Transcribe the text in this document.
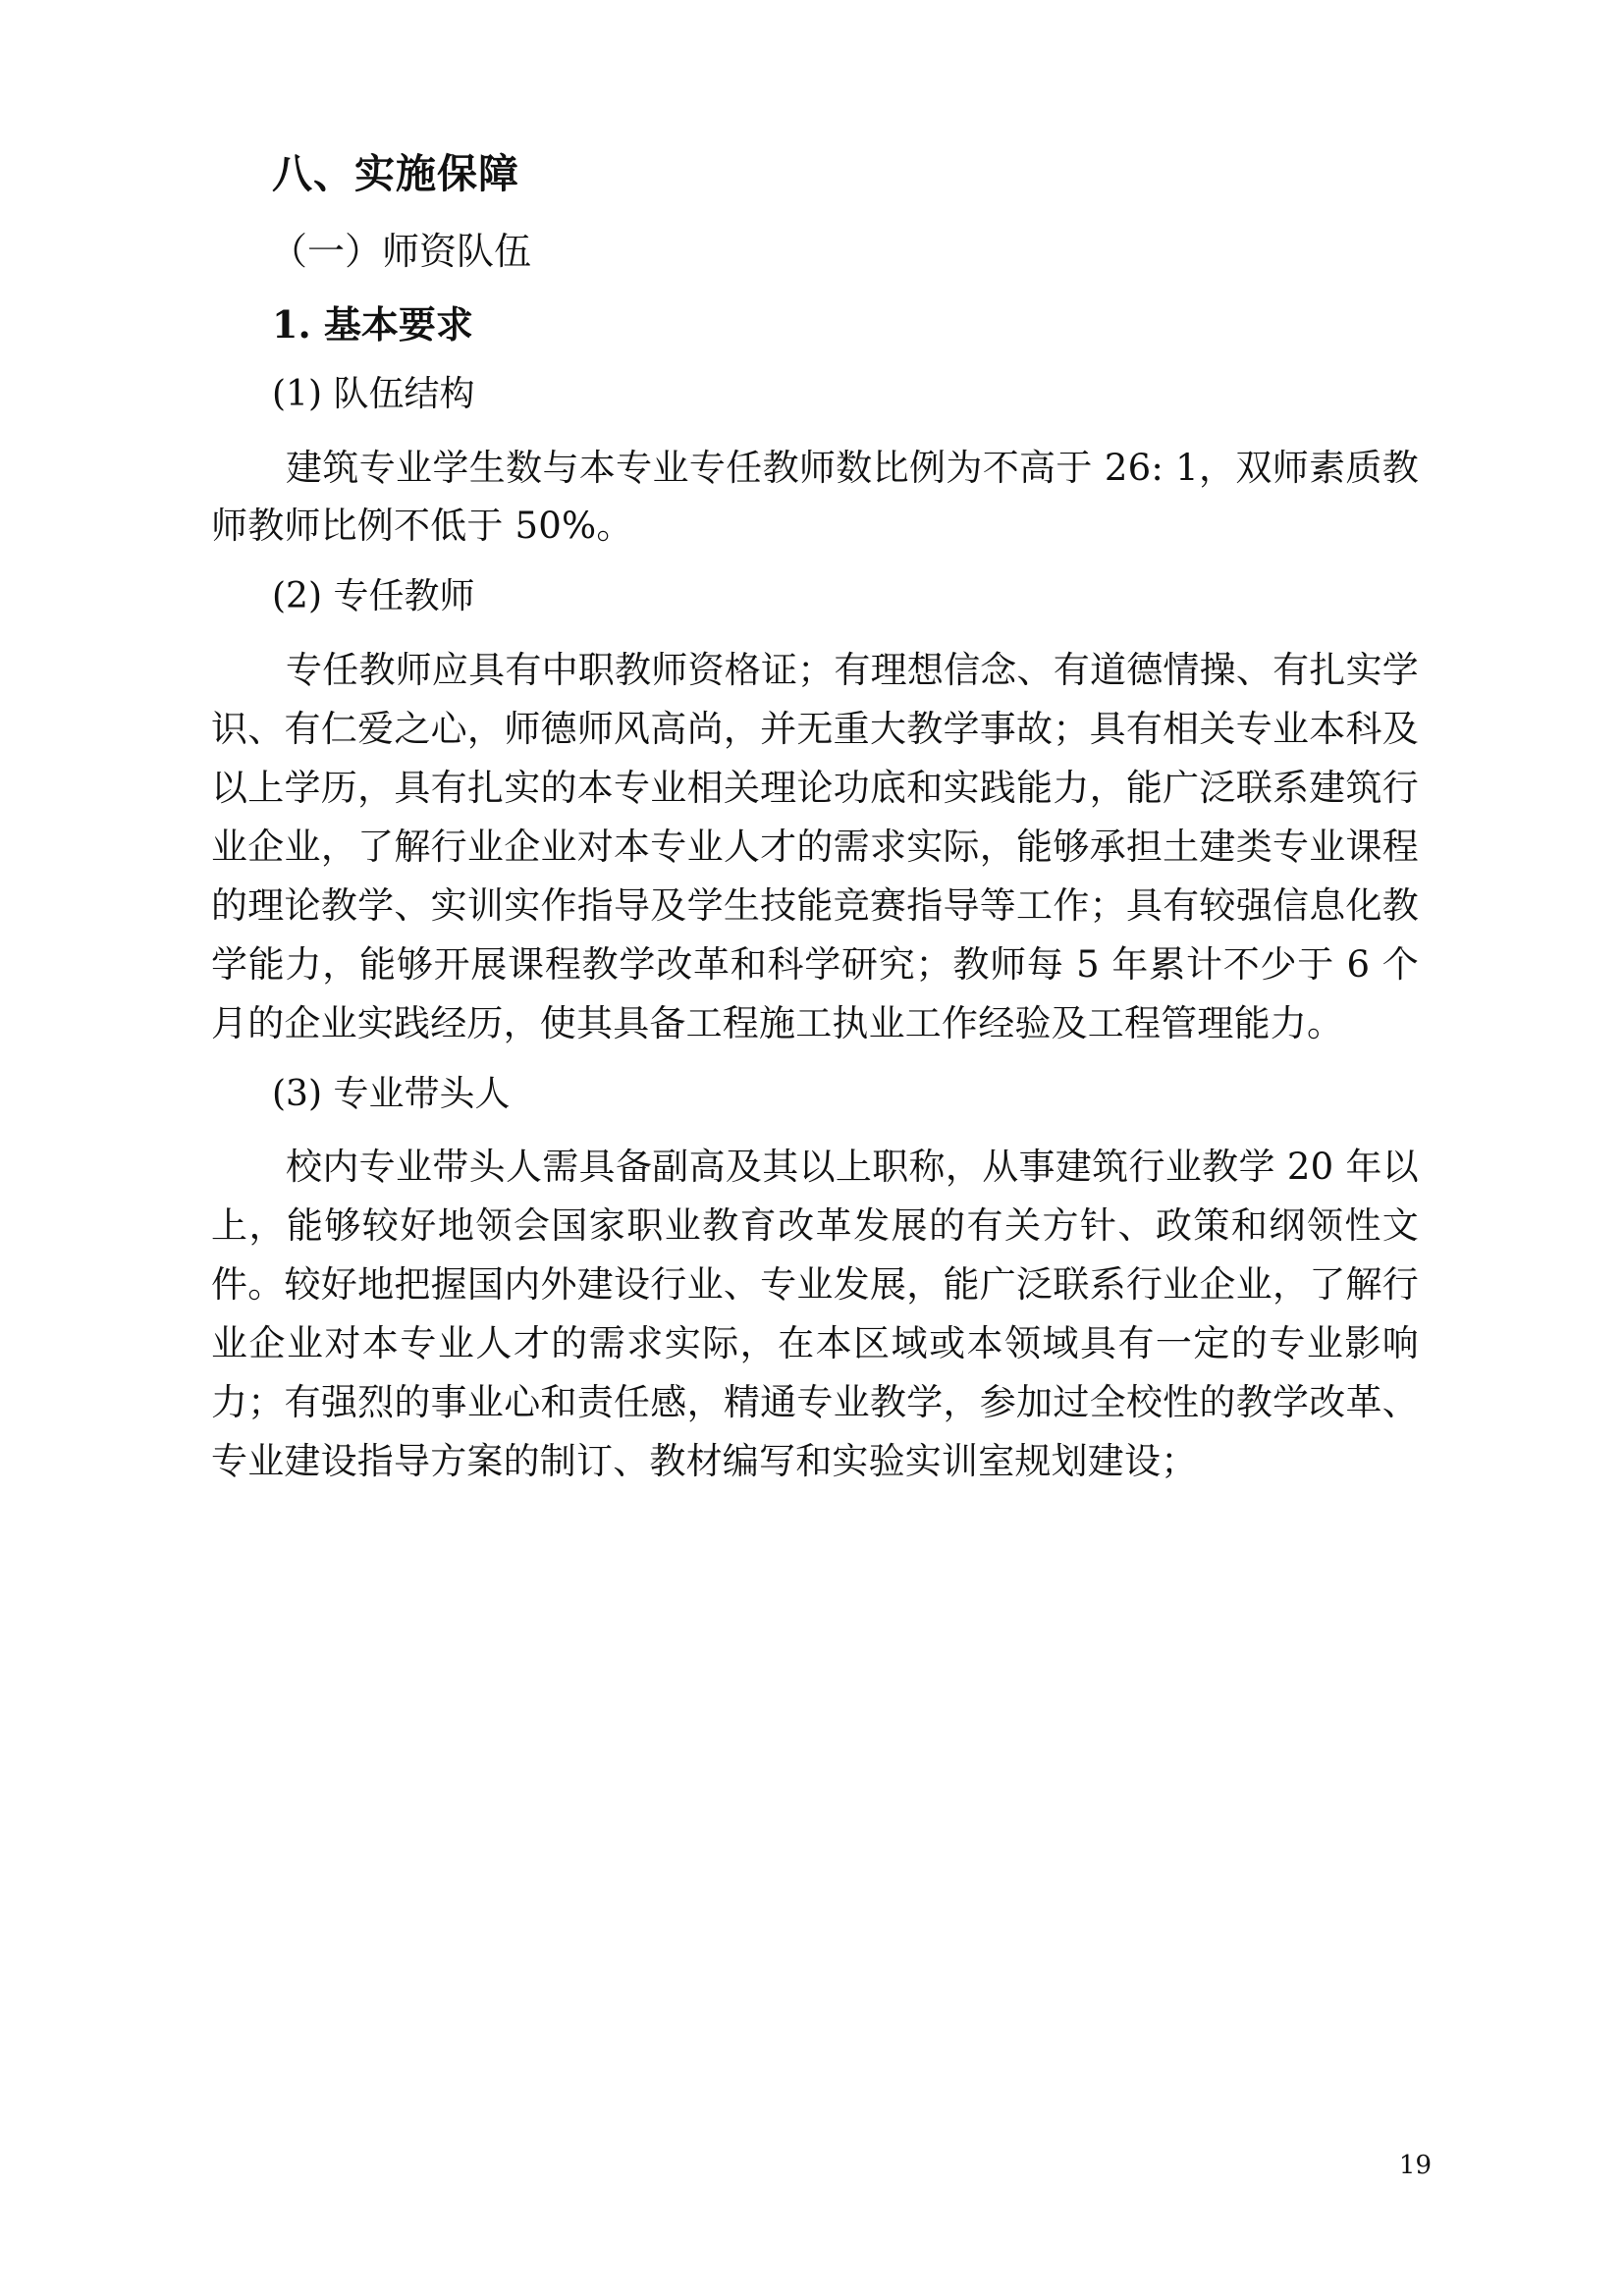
八、实施保障
（一）师资队伍
1. 基本要求
(1) 队伍结构

建筑专业学生数与本专业专任教师数比例为不高于 26: 1，双师素质教师教师比例不低于 50%。

(2) 专任教师

专任教师应具有中职教师资格证；有理想信念、有道德情操、有扎实学识、有仁爱之心，师德师风高尚，并无重大教学事故；具有相关专业本科及以上学历，具有扎实的本专业相关理论功底和实践能力，能广泛联系建筑行业企业，了解行业企业对本专业人才的需求实际，能够承担土建类专业课程的理论教学、实训实作指导及学生技能竞赛指导等工作；具有较强信息化教学能力，能够开展课程教学改革和科学研究；教师每 5 年累计不少于 6 个月的企业实践经历，使其具备工程施工执业工作经验及工程管理能力。

(3) 专业带头人

校内专业带头人需具备副高及其以上职称，从事建筑行业教学 20 年以上，能够较好地领会国家职业教育改革发展的有关方针、政策和纲领性文件。较好地把握国内外建设行业、专业发展，能广泛联系行业企业，了解行业企业对本专业人才的需求实际，在本区域或本领域具有一定的专业影响力；有强烈的事业心和责任感，精通专业教学，参加过全校性的教学改革、专业建设指导方案的制订、教材编写和实验实训室规划建设；

19
